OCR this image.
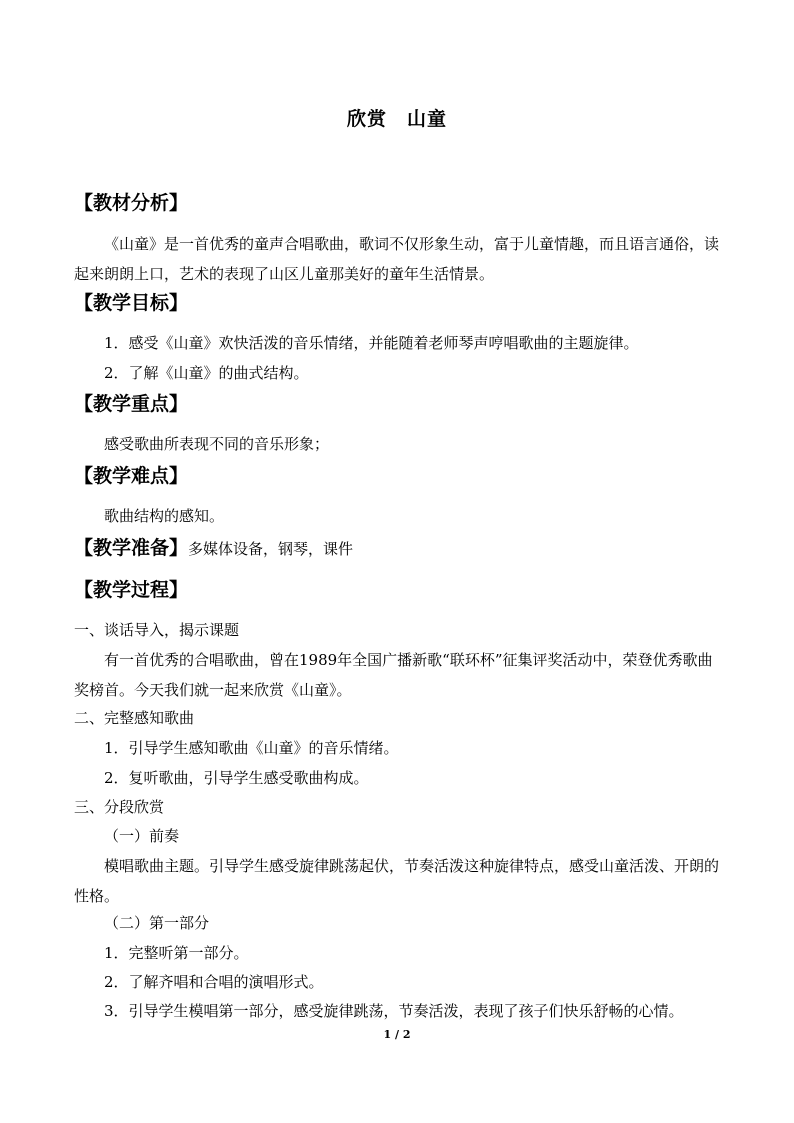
欣赏　山童
【教材分析】
《山童》是一首优秀的童声合唱歌曲，歌词不仅形象生动，富于儿童情趣，而且语言通俗，读起来朗朗上口，艺术的表现了山区儿童那美好的童年生活情景。
【教学目标】
1．感受《山童》欢快活泼的音乐情绪，并能随着老师琴声哼唱歌曲的主题旋律。
2．了解《山童》的曲式结构。
【教学重点】
感受歌曲所表现不同的音乐形象；
【教学难点】
歌曲结构的感知。
【教学准备】多媒体设备，钢琴，课件
【教学过程】
一、谈话导入，揭示课题
有一首优秀的合唱歌曲，曾在1989年全国广播新歌“联环杯”征集评奖活动中，荣登优秀歌曲奖榜首。今天我们就一起来欣赏《山童》。
二、完整感知歌曲
1．引导学生感知歌曲《山童》的音乐情绪。
2．复听歌曲，引导学生感受歌曲构成。
三、分段欣赏
（一）前奏
模唱歌曲主题。引导学生感受旋律跳荡起伏，节奏活泼这种旋律特点，感受山童活泼、开朗的性格。
（二）第一部分
1．完整听第一部分。
2．了解齐唱和合唱的演唱形式。
3．引导学生模唱第一部分，感受旋律跳荡，节奏活泼，表现了孩子们快乐舒畅的心情。
1 / 2
